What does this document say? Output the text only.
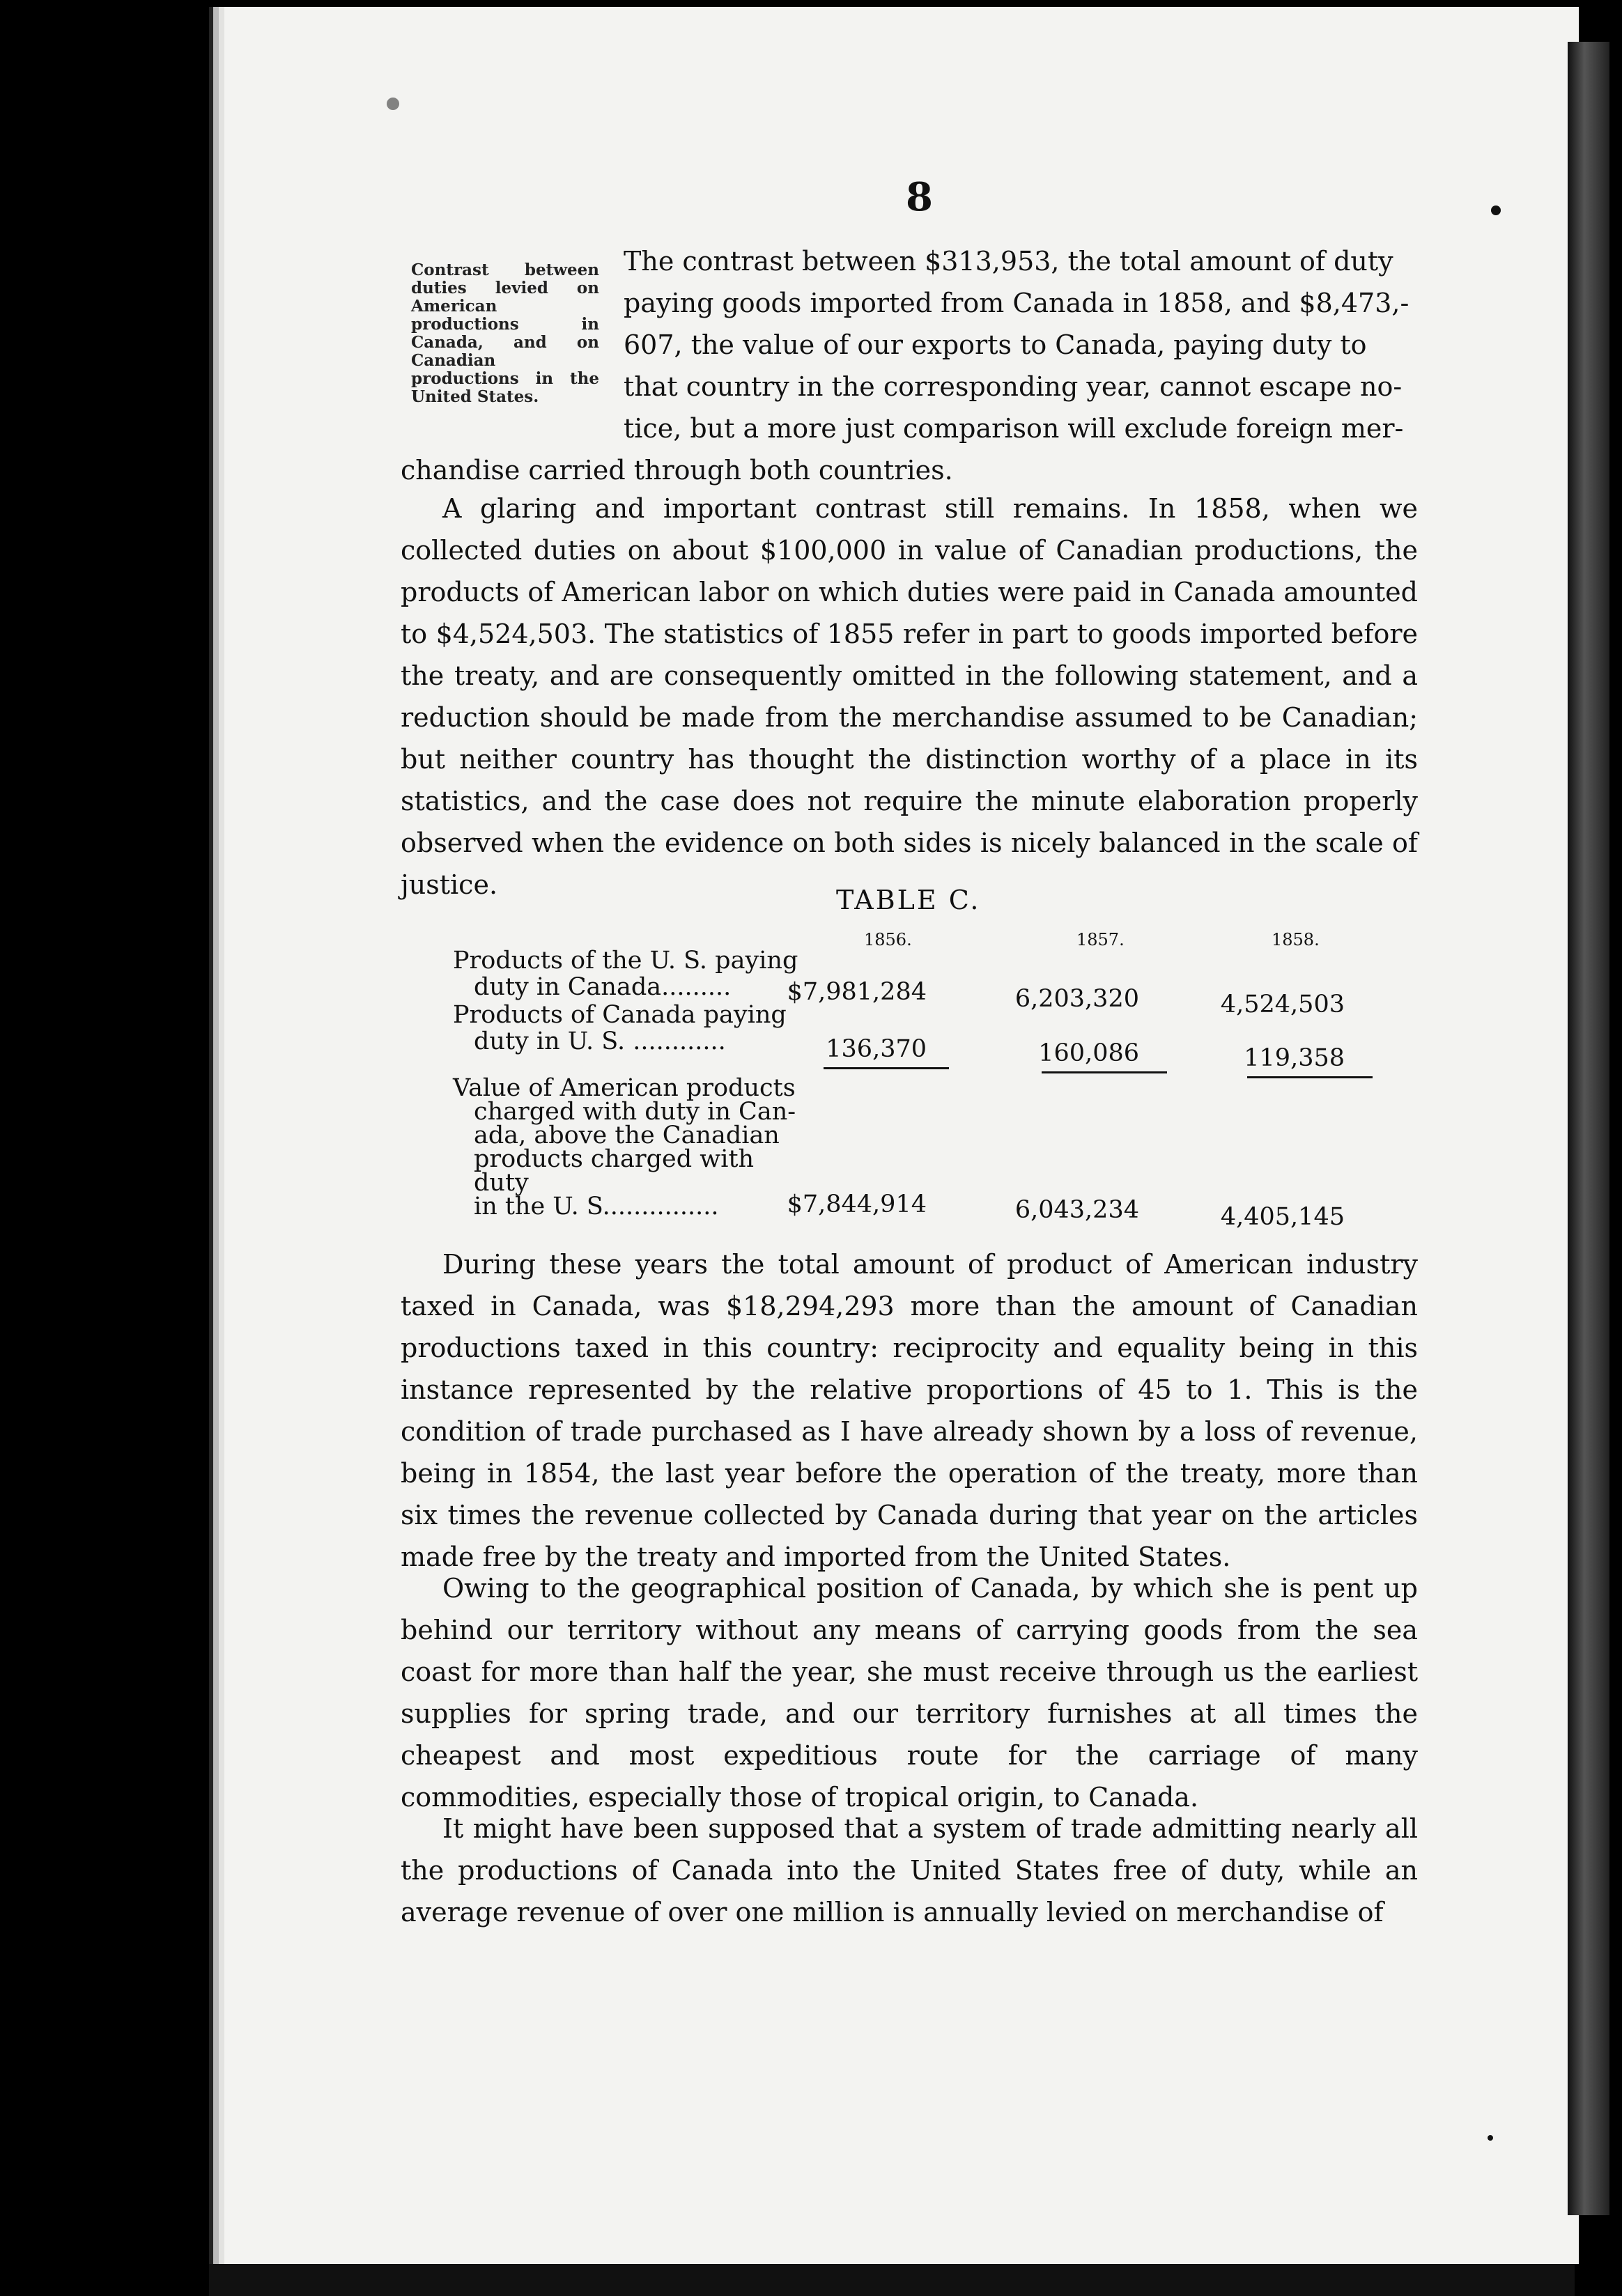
8
Contrast between duties levied on American productions in Canada, and on Canadian productions in the United States.
The contrast between $313,953, the total amount of duty
paying goods imported from Canada in 1858, and $8,473,-
607, the value of our exports to Canada, paying duty to
that country in the corresponding year, cannot escape no-
tice, but a more just comparison will exclude foreign mer-
chandise carried through both countries.
A glaring and important contrast still remains. In 1858, when we collected duties on about $100,000 in value of Canadian productions, the products of American labor on which duties were paid in Canada amounted to $4,524,503. The statistics of 1855 refer in part to goods imported before the treaty, and are consequently omitted in the following statement, and a reduction should be made from the merchandise assumed to be Canadian; but neither country has thought the distinction worthy of a place in its statistics, and the case does not require the minute elaboration properly observed when the evidence on both sides is nicely balanced in the scale of justice.	TABLE C.
1856.	1857.	1858.
Products of the U. S. paying
duty in Canada.........	$7,981,284	6,203,320	4,524,503
Products of Canada paying
duty in U. S. ............	136,370	160,086	119,358
Value of American products
charged with duty in Can-
ada, above the Canadian
products charged with duty
in the U. S...............	$7,844,914	6,043,234	4,405,145
During these years the total amount of product of American industry taxed in Canada, was $18,294,293 more than the amount of Canadian productions taxed in this country: reciprocity and equality being in this instance represented by the relative proportions of 45 to 1. This is the condition of trade purchased as I have already shown by a loss of revenue, being in 1854, the last year before the operation of the treaty, more than six times the revenue collected by Canada during that year on the articles made free by the treaty and imported from the United States.
Owing to the geographical position of Canada, by which she is pent up behind our territory without any means of carrying goods from the sea coast for more than half the year, she must receive through us the earliest supplies for spring trade, and our territory furnishes at all times the cheapest and most expeditious route for the carriage of many commodities, especially those of tropical origin, to Canada.
It might have been supposed that a system of trade admitting nearly all the productions of Canada into the United States free of duty, while an average revenue of over one million is annually levied on merchandise of
